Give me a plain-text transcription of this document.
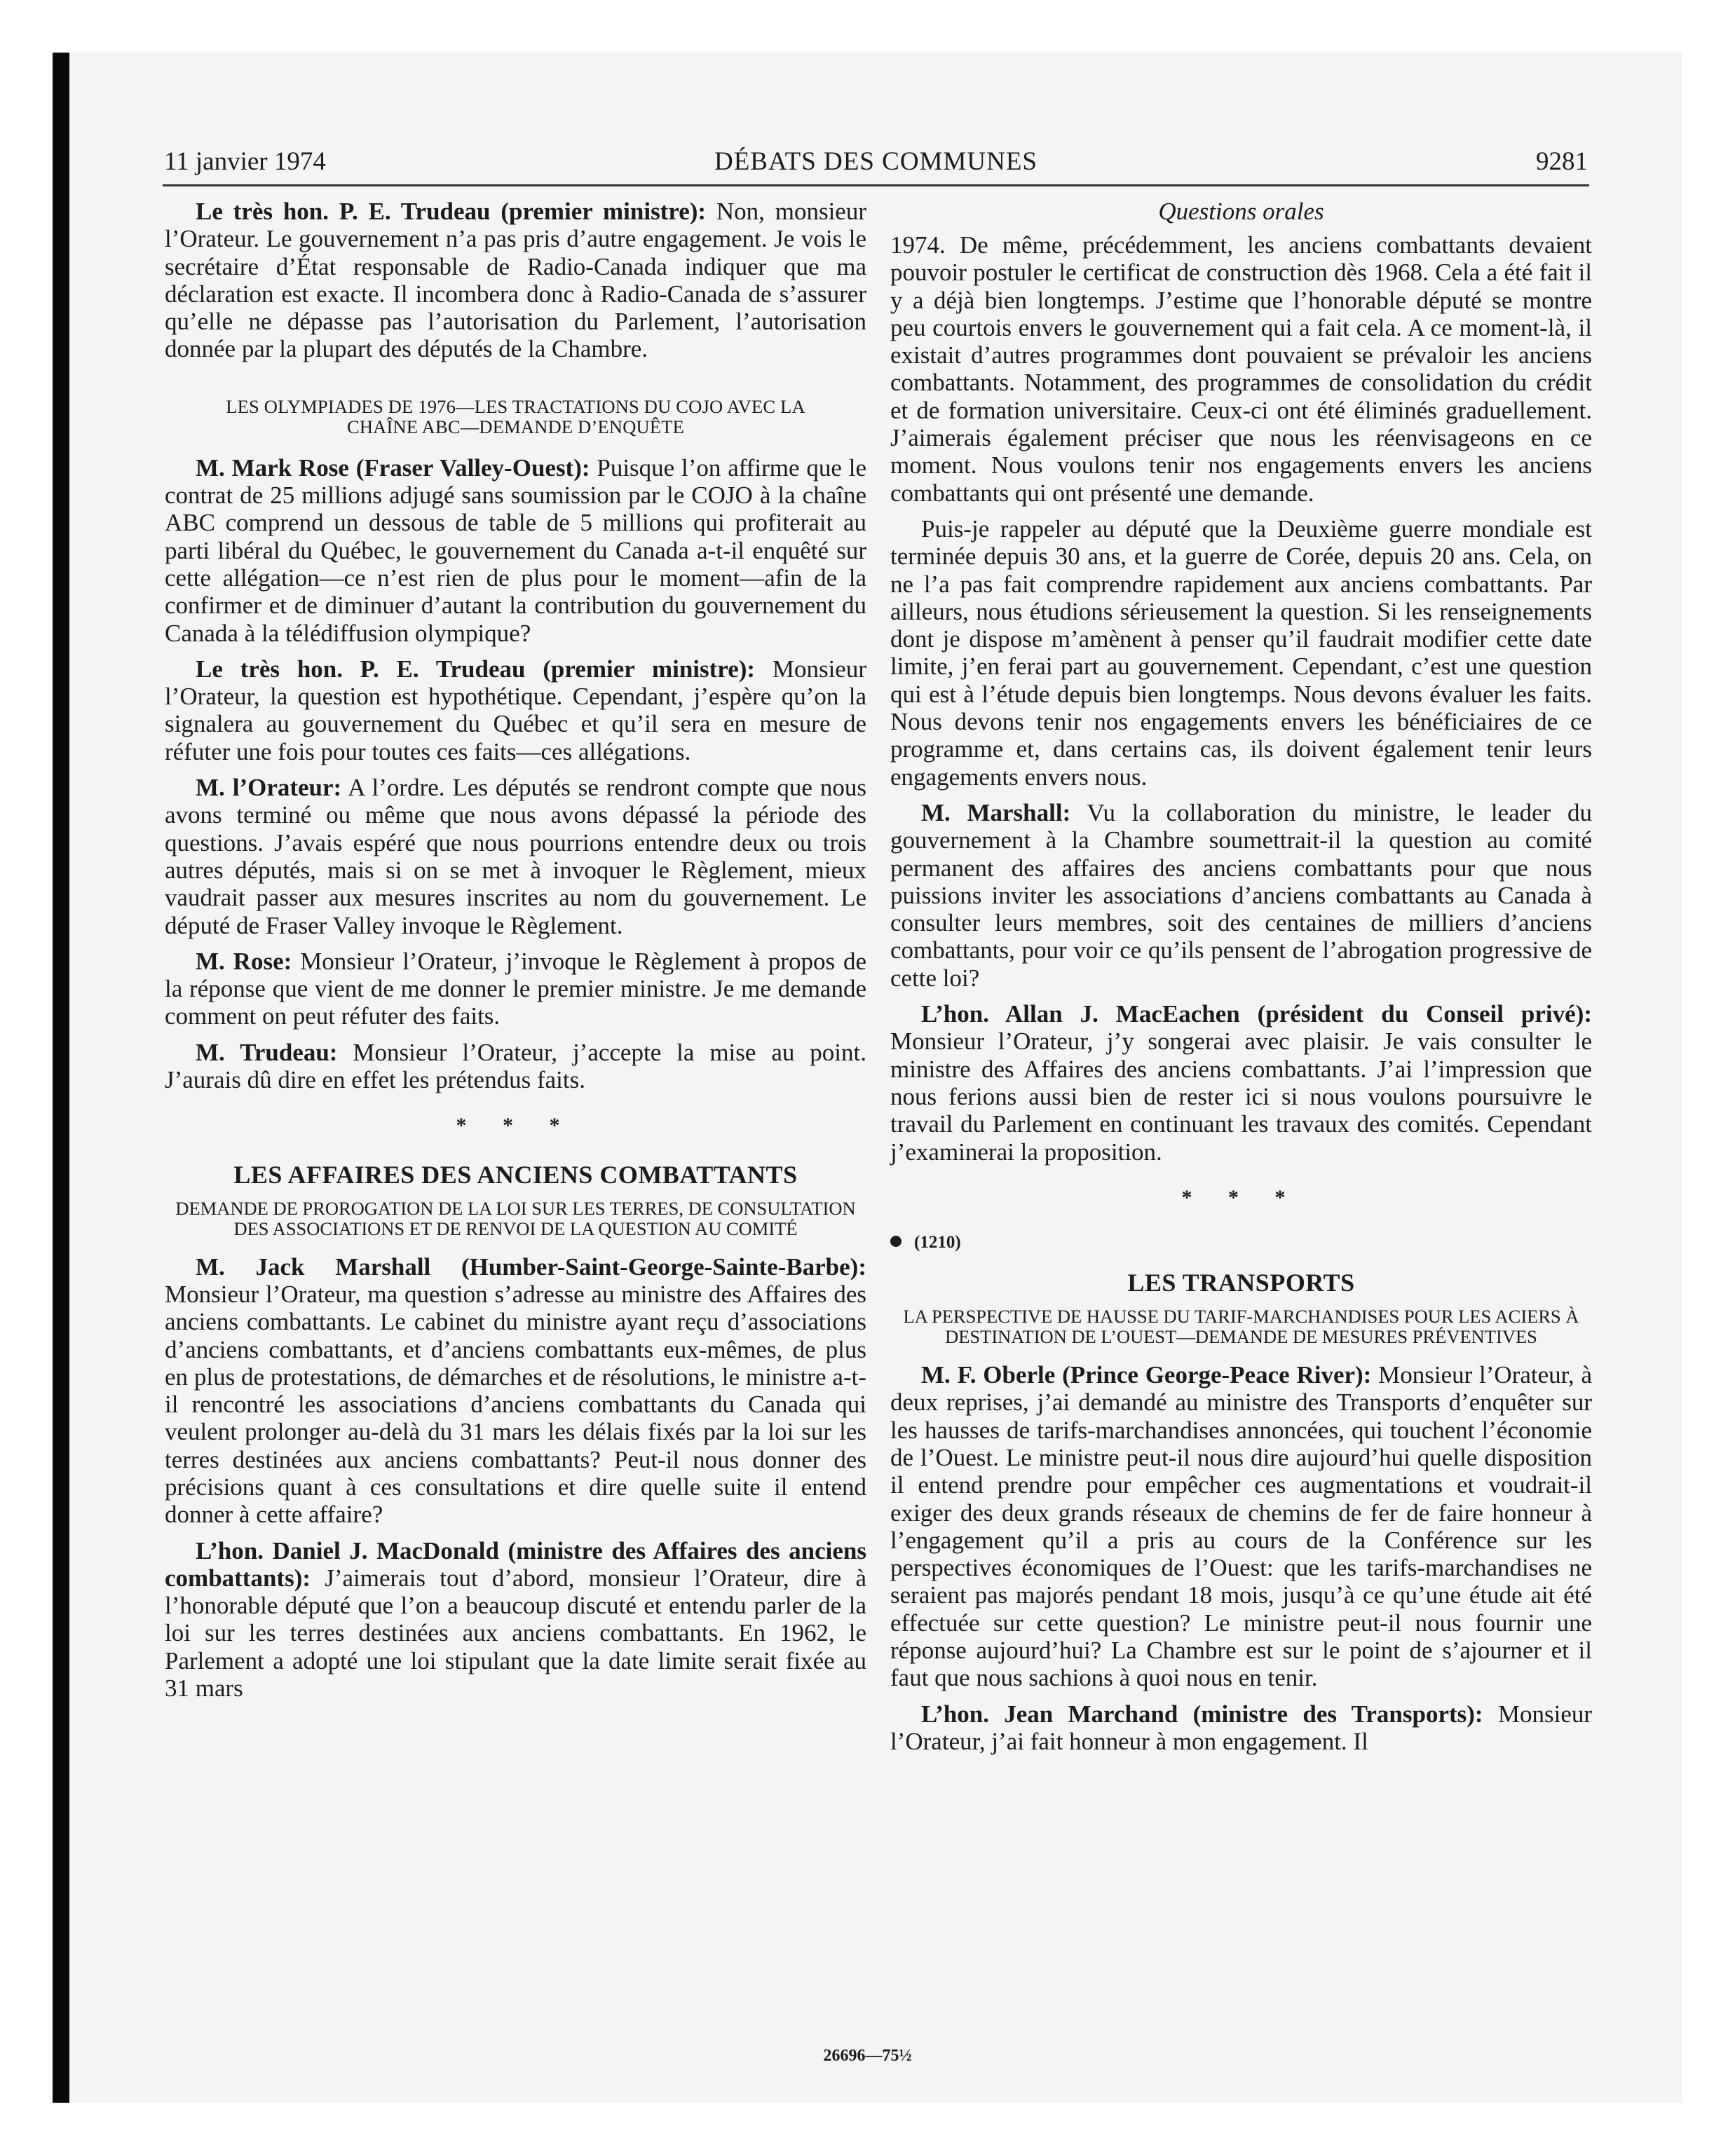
11 janvier 1974	DÉBATS DES COMMUNES	9281

Le très hon. P. E. Trudeau (premier ministre): Non, monsieur l’Orateur. Le gouvernement n’a pas pris d’autre engagement. Je vois le secrétaire d’État responsable de Radio-Canada indiquer que ma déclaration est exacte. Il incombera donc à Radio-Canada de s’assurer qu’elle ne dépasse pas l’autorisation du Parlement, l’autorisation donnée par la plupart des députés de la Chambre.

LES OLYMPIADES DE 1976—LES TRACTATIONS DU COJO AVEC LA CHAÎNE ABC—DEMANDE D’ENQUÊTE

M. Mark Rose (Fraser Valley-Ouest): Puisque l’on affirme que le contrat de 25 millions adjugé sans soumission par le COJO à la chaîne ABC comprend un dessous de table de 5 millions qui profiterait au parti libéral du Québec, le gouvernement du Canada a-t-il enquêté sur cette allégation—ce n’est rien de plus pour le moment—afin de la confirmer et de diminuer d’autant la contribution du gouvernement du Canada à la télédiffusion olympique?

Le très hon. P. E. Trudeau (premier ministre): Monsieur l’Orateur, la question est hypothétique. Cependant, j’espère qu’on la signalera au gouvernement du Québec et qu’il sera en mesure de réfuter une fois pour toutes ces faits—ces allégations.

M. l’Orateur: A l’ordre. Les députés se rendront compte que nous avons terminé ou même que nous avons dépassé la période des questions. J’avais espéré que nous pourrions entendre deux ou trois autres députés, mais si on se met à invoquer le Règlement, mieux vaudrait passer aux mesures inscrites au nom du gouvernement. Le député de Fraser Valley invoque le Règlement.

M. Rose: Monsieur l’Orateur, j’invoque le Règlement à propos de la réponse que vient de me donner le premier ministre. Je me demande comment on peut réfuter des faits.

M. Trudeau: Monsieur l’Orateur, j’accepte la mise au point. J’aurais dû dire en effet les prétendus faits.

* * *
LES AFFAIRES DES ANCIENS COMBATTANTS
DEMANDE DE PROROGATION DE LA LOI SUR LES TERRES, DE CONSULTATION DES ASSOCIATIONS ET DE RENVOI DE LA QUESTION AU COMITÉ

M. Jack Marshall (Humber-Saint-George-Sainte-Barbe): Monsieur l’Orateur, ma question s’adresse au ministre des Affaires des anciens combattants. Le cabinet du ministre ayant reçu d’associations d’anciens combattants, et d’anciens combattants eux-mêmes, de plus en plus de protestations, de démarches et de résolutions, le ministre a-t-il rencontré les associations d’anciens combattants du Canada qui veulent prolonger au-delà du 31 mars les délais fixés par la loi sur les terres destinées aux anciens combattants? Peut-il nous donner des précisions quant à ces consultations et dire quelle suite il entend donner à cette affaire?

L’hon. Daniel J. MacDonald (ministre des Affaires des anciens combattants): J’aimerais tout d’abord, monsieur l’Orateur, dire à l’honorable député que l’on a beaucoup discuté et entendu parler de la loi sur les terres destinées aux anciens combattants. En 1962, le Parlement a adopté une loi stipulant que la date limite serait fixée au 31 mars

Questions orales

1974. De même, précédemment, les anciens combattants devaient pouvoir postuler le certificat de construction dès 1968. Cela a été fait il y a déjà bien longtemps. J’estime que l’honorable député se montre peu courtois envers le gouvernement qui a fait cela. A ce moment-là, il existait d’autres programmes dont pouvaient se prévaloir les anciens combattants. Notamment, des programmes de consolidation du crédit et de formation universitaire. Ceux-ci ont été éliminés graduellement. J’aimerais également préciser que nous les réenvisageons en ce moment. Nous voulons tenir nos engagements envers les anciens combattants qui ont présenté une demande.

Puis-je rappeler au député que la Deuxième guerre mondiale est terminée depuis 30 ans, et la guerre de Corée, depuis 20 ans. Cela, on ne l’a pas fait comprendre rapidement aux anciens combattants. Par ailleurs, nous étudions sérieusement la question. Si les renseignements dont je dispose m’amènent à penser qu’il faudrait modifier cette date limite, j’en ferai part au gouvernement. Cependant, c’est une question qui est à l’étude depuis bien longtemps. Nous devons évaluer les faits. Nous devons tenir nos engagements envers les bénéficiaires de ce programme et, dans certains cas, ils doivent également tenir leurs engagements envers nous.

M. Marshall: Vu la collaboration du ministre, le leader du gouvernement à la Chambre soumettrait-il la question au comité permanent des affaires des anciens combattants pour que nous puissions inviter les associations d’anciens combattants au Canada à consulter leurs membres, soit des centaines de milliers d’anciens combattants, pour voir ce qu’ils pensent de l’abrogation progressive de cette loi?

L’hon. Allan J. MacEachen (président du Conseil privé): Monsieur l’Orateur, j’y songerai avec plaisir. Je vais consulter le ministre des Affaires des anciens combattants. J’ai l’impression que nous ferions aussi bien de rester ici si nous voulons poursuivre le travail du Parlement en continuant les travaux des comités. Cependant j’examinerai la proposition.

* * *
(1210)
LES TRANSPORTS
LA PERSPECTIVE DE HAUSSE DU TARIF-MARCHANDISES POUR LES ACIERS À DESTINATION DE L’OUEST—DEMANDE DE MESURES PRÉVENTIVES

M. F. Oberle (Prince George-Peace River): Monsieur l’Orateur, à deux reprises, j’ai demandé au ministre des Transports d’enquêter sur les hausses de tarifs-marchandises annoncées, qui touchent l’économie de l’Ouest. Le ministre peut-il nous dire aujourd’hui quelle disposition il entend prendre pour empêcher ces augmentations et voudrait-il exiger des deux grands réseaux de chemins de fer de faire honneur à l’engagement qu’il a pris au cours de la Conférence sur les perspectives économiques de l’Ouest: que les tarifs-marchandises ne seraient pas majorés pendant 18 mois, jusqu’à ce qu’une étude ait été effectuée sur cette question? Le ministre peut-il nous fournir une réponse aujourd’hui? La Chambre est sur le point de s’ajourner et il faut que nous sachions à quoi nous en tenir.

L’hon. Jean Marchand (ministre des Transports): Monsieur l’Orateur, j’ai fait honneur à mon engagement. Il

26696—75½
